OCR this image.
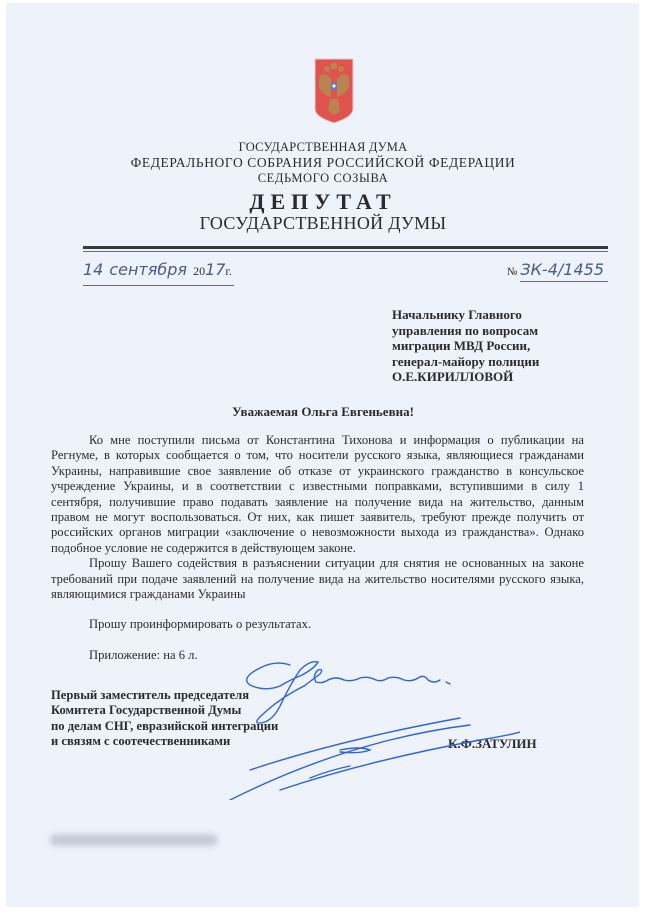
ГОСУДАРСТВЕННАЯ ДУМА
ФЕДЕРАЛЬНОГО СОБРАНИЯ РОССИЙСКОЙ ФЕДЕРАЦИИ
СЕДЬМОГО СОЗЫВА
ДЕПУТАТ
ГОСУДАРСТВЕННОЙ ДУМЫ
14 сентября 20 17 г.	№ ЗК-4/1455
Начальнику Главного
управления по вопросам
миграции МВД России,
генерал-майору полиции
О.Е.КИРИЛЛОВОЙ
Уважаемая Ольга Евгеньевна!

Ко мне поступили письма от Константина Тихонова и информация о публикации на Регнуме, в которых сообщается о том, что носители русского языка, являющиеся гражданами Украины, направившие свое заявление об отказе от украинского гражданство в консульское учреждение Украины, и в соответствии с известными поправками, вступившими в силу 1 сентября, получившие право подавать заявление на получение вида на жительство, данным правом не могут воспользоваться. От них, как пишет заявитель, требуют прежде получить от российских органов миграции «заключение о невозможности выхода из гражданства». Однако подобное условие не содержится в действующем законе.

Прошу Вашего содействия в разъяснении ситуации для снятия не основанных на законе требований при подаче заявлений на получение вида на жительство носителями русского языка, являющимися гражданами Украины

Прошу проинформировать о результатах.
Приложение: на 6 л.
Первый заместитель председателя
Комитета Государственной Думы
по делам СНГ, евразийской интеграции
и связям с соотечественниками	К.Ф.ЗАТУЛИН
